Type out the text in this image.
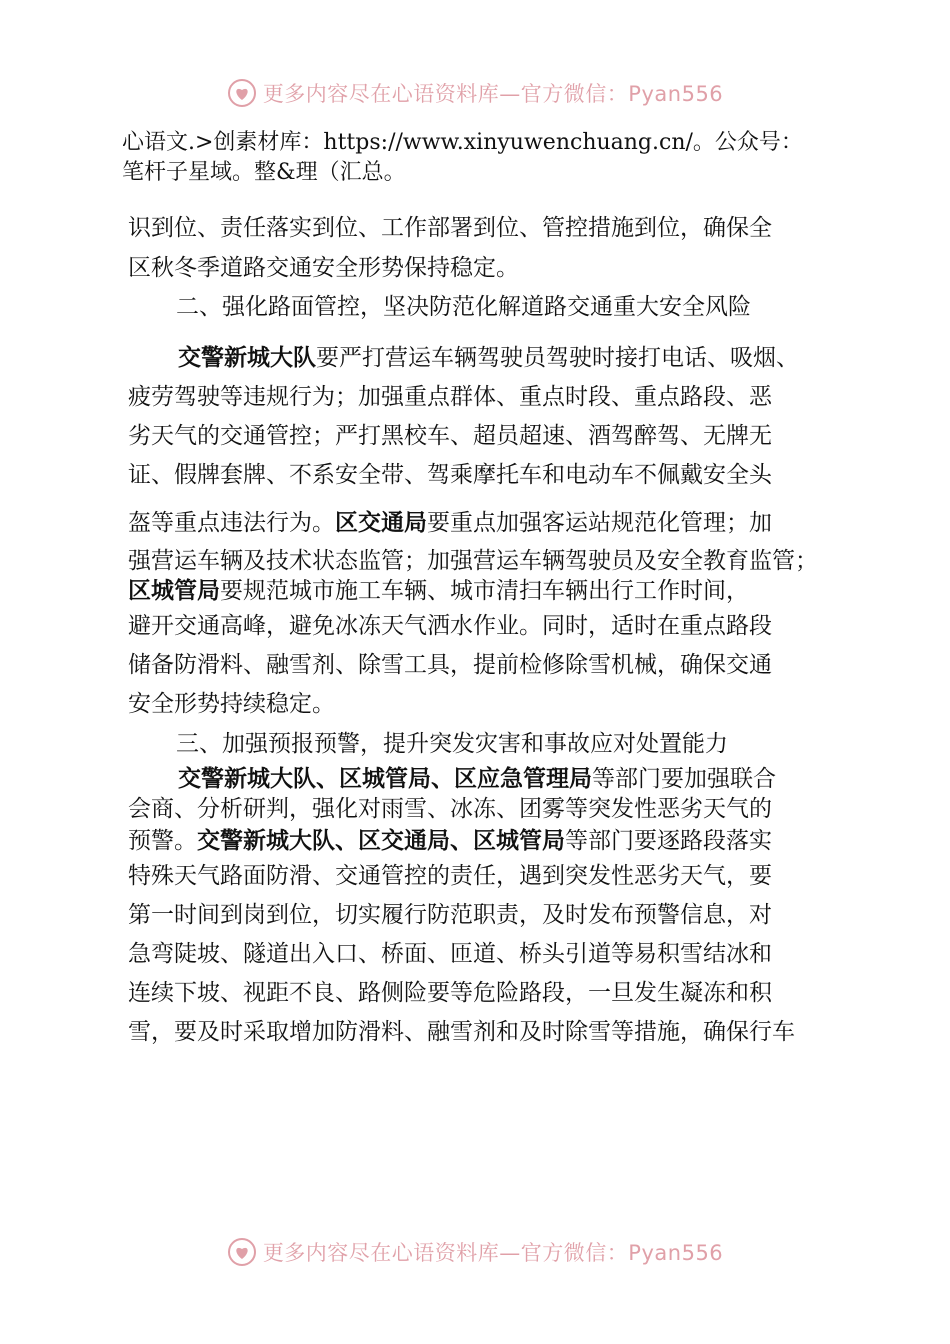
更多内容尽在心语资料库—官方微信：Pyan556
心语文.>创素材库：https://www.xinyuwenchuang.cn/。公众号：
笔杆子星域。整&理（汇总。
识到位、责任落实到位、工作部署到位、管控措施到位，确保全
区秋冬季道路交通安全形势保持稳定。
二、强化路面管控，坚决防范化解道路交通重大安全风险
交警新城大队要严打营运车辆驾驶员驾驶时接打电话、吸烟、
疲劳驾驶等违规行为；加强重点群体、重点时段、重点路段、恶
劣天气的交通管控；严打黑校车、超员超速、酒驾醉驾、无牌无
证、假牌套牌、不系安全带、驾乘摩托车和电动车不佩戴安全头
盔等重点违法行为。区交通局要重点加强客运站规范化管理；加
强营运车辆及技术状态监管；加强营运车辆驾驶员及安全教育监管；
区城管局要规范城市施工车辆、城市清扫车辆出行工作时间，
避开交通高峰，避免冰冻天气洒水作业。同时，适时在重点路段
储备防滑料、融雪剂、除雪工具，提前检修除雪机械，确保交通
安全形势持续稳定。
三、加强预报预警，提升突发灾害和事故应对处置能力
交警新城大队、区城管局、区应急管理局等部门要加强联合
会商、分析研判，强化对雨雪、冰冻、团雾等突发性恶劣天气的
预警。交警新城大队、区交通局、区城管局等部门要逐路段落实
特殊天气路面防滑、交通管控的责任，遇到突发性恶劣天气，要
第一时间到岗到位，切实履行防范职责，及时发布预警信息，对
急弯陡坡、隧道出入口、桥面、匝道、桥头引道等易积雪结冰和
连续下坡、视距不良、路侧险要等危险路段，一旦发生凝冻和积
雪，要及时采取增加防滑料、融雪剂和及时除雪等措施，确保行车
更多内容尽在心语资料库—官方微信：Pyan556
